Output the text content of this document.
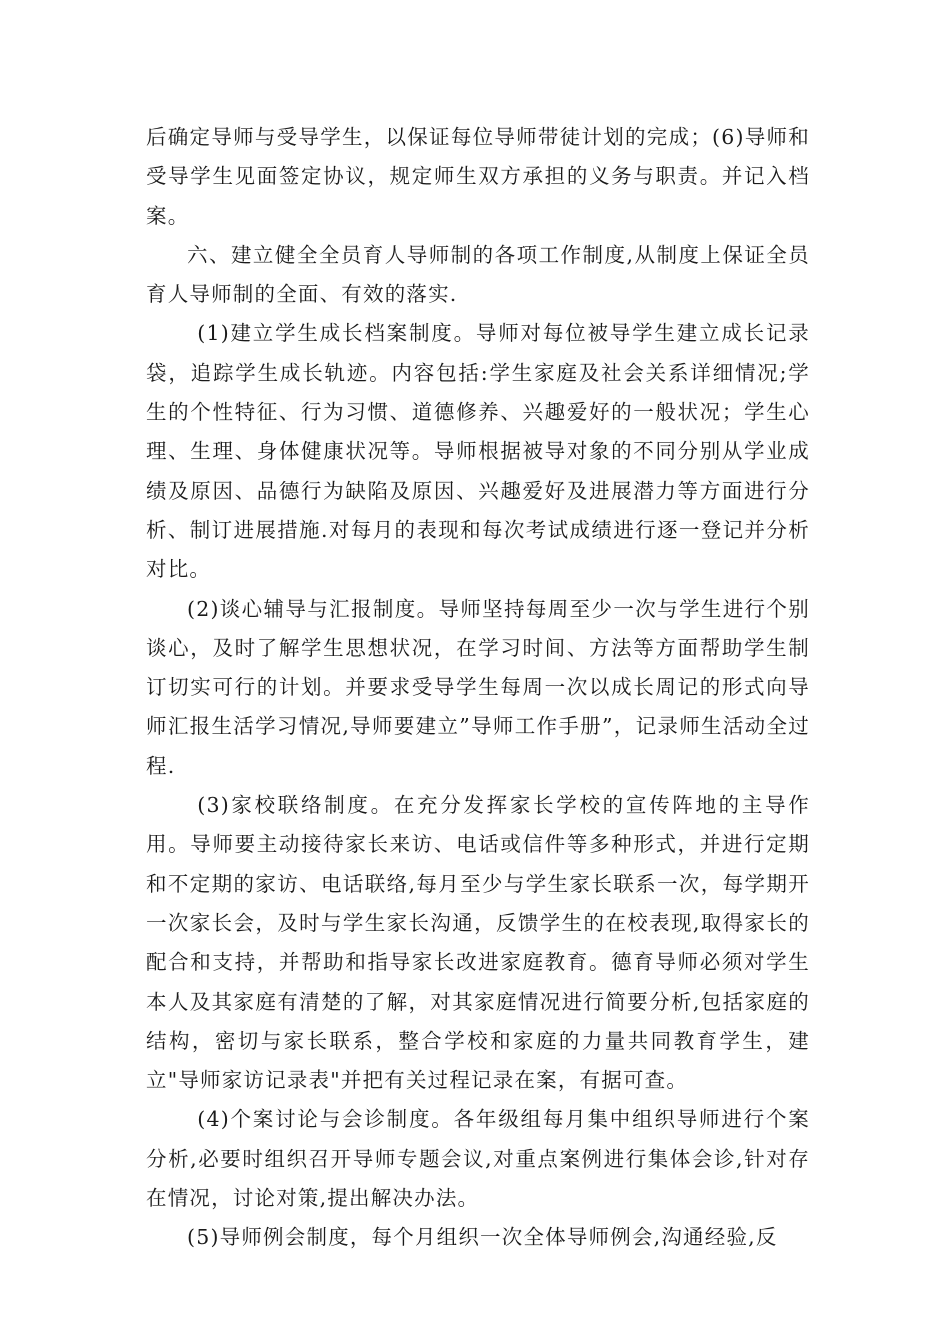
后确定导师与受导学生，以保证每位导师带徒计划的完成；(6)导师和受导学生见面签定协议，规定师生双方承担的义务与职责。并记入档案。

六、建立健全全员育人导师制的各项工作制度,从制度上保证全员育人导师制的全面、有效的落实.

(1)建立学生成长档案制度。导师对每位被导学生建立成长记录袋，追踪学生成长轨迹。内容包括:学生家庭及社会关系详细情况;学生的个性特征、行为习惯、道德修养、兴趣爱好的一般状况；学生心理、生理、身体健康状况等。导师根据被导对象的不同分别从学业成绩及原因、品德行为缺陷及原因、兴趣爱好及进展潜力等方面进行分析、制订进展措施.对每月的表现和每次考试成绩进行逐一登记并分析对比。

(2)谈心辅导与汇报制度。导师坚持每周至少一次与学生进行个别谈心，及时了解学生思想状况，在学习时间、方法等方面帮助学生制订切实可行的计划。并要求受导学生每周一次以成长周记的形式向导师汇报生活学习情况,导师要建立”导师工作手册”，记录师生活动全过程.

(3)家校联络制度。在充分发挥家长学校的宣传阵地的主导作用。导师要主动接待家长来访、电话或信件等多种形式，并进行定期和不定期的家访、电话联络,每月至少与学生家长联系一次，每学期开一次家长会，及时与学生家长沟通，反馈学生的在校表现,取得家长的配合和支持，并帮助和指导家长改进家庭教育。德育导师必须对学生本人及其家庭有清楚的了解，对其家庭情况进行简要分析,包括家庭的结构，密切与家长联系，整合学校和家庭的力量共同教育学生，建立"导师家访记录表"并把有关过程记录在案，有据可查。

(4)个案讨论与会诊制度。各年级组每月集中组织导师进行个案分析,必要时组织召开导师专题会议,对重点案例进行集体会诊,针对存在情况，讨论对策,提出解决办法。

(5)导师例会制度，每个月组织一次全体导师例会,沟通经验,反
